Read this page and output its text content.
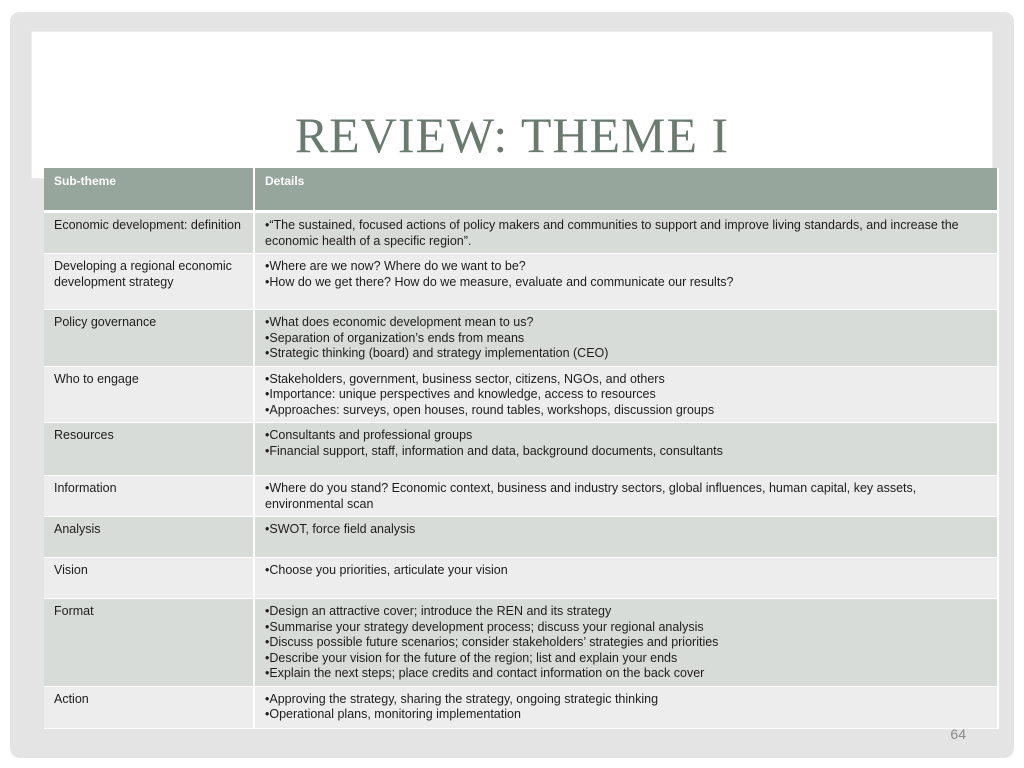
REVIEW: THEME I
Sub-theme	Details
Economic development: definition	•“The sustained, focused actions of policy makers and communities to support and improve living standards, and increase the economic health of a specific region”.

Developing a regional economic development strategy	•Where are we now? Where do we want to be?
•How do we get there? How do we measure, evaluate and communicate our results?

Policy governance	•What does economic development mean to us?
•Separation of organization’s ends from means
•Strategic thinking (board) and strategy implementation (CEO)

Who to engage	•Stakeholders, government, business sector, citizens, NGOs, and others
•Importance: unique perspectives and knowledge, access to resources
•Approaches: surveys, open houses, round tables, workshops, discussion groups

Resources	•Consultants and professional groups
•Financial support, staff, information and data, background documents, consultants

Information	•Where do you stand? Economic context, business and industry sectors, global influences, human capital, key assets, environmental scan

Analysis	•SWOT, force field analysis

Vision	•Choose you priorities, articulate your vision

Format	•Design an attractive cover; introduce the REN and its strategy
•Summarise your strategy development process; discuss your regional analysis
•Discuss possible future scenarios; consider stakeholders’ strategies and priorities
•Describe your vision for the future of the region; list and explain your ends
•Explain the next steps; place credits and contact information on the back cover

Action	•Approving the strategy, sharing the strategy, ongoing strategic thinking
•Operational plans, monitoring implementation
64
